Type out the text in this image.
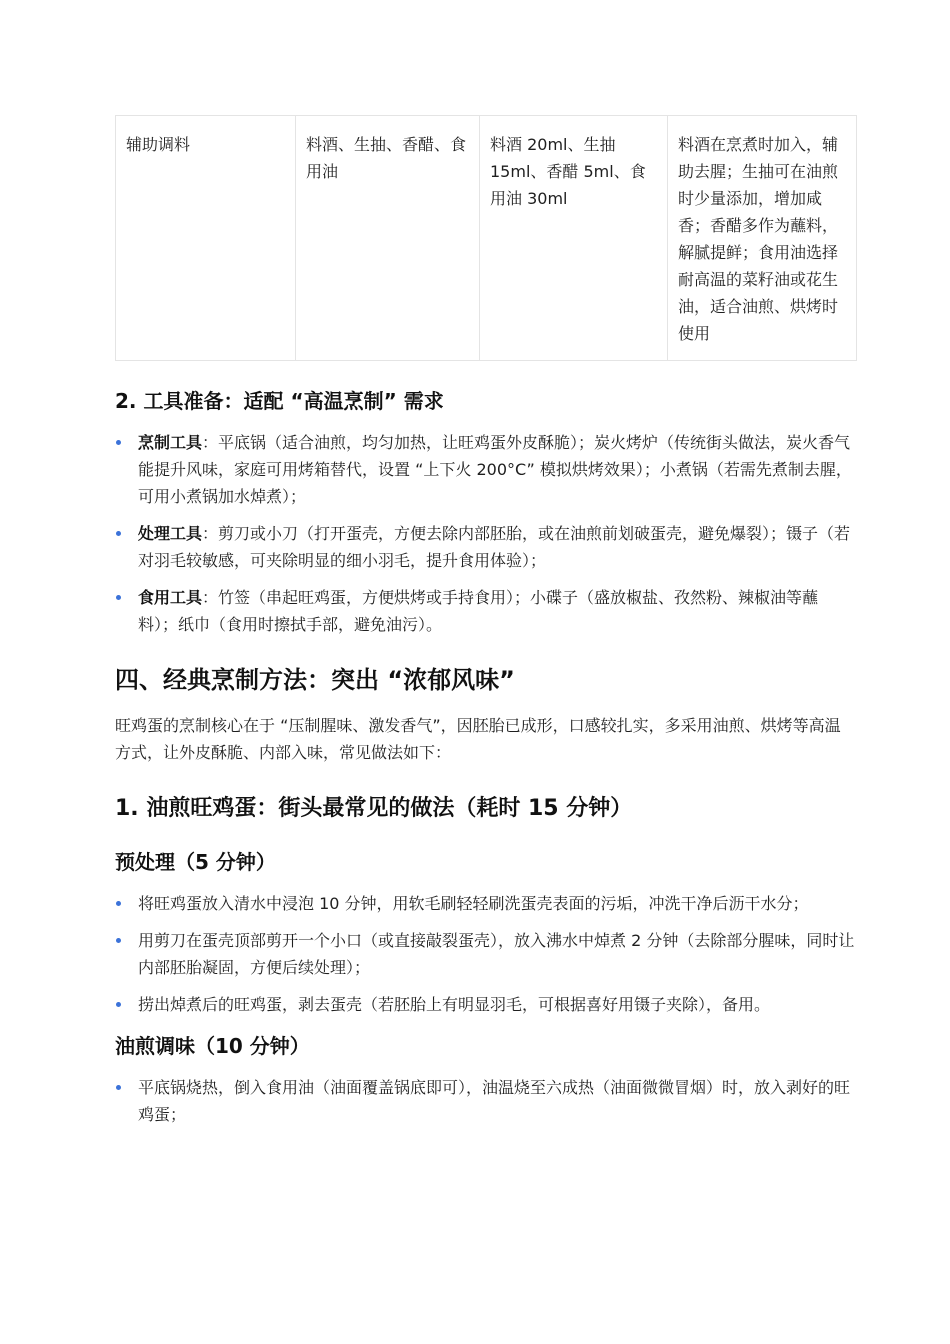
辅助调料	料酒、生抽、香醋、食用油	料酒 20ml、生抽 15ml、香醋 5ml、食用油 30ml	料酒在烹煮时加入，辅助去腥；生抽可在油煎时少量添加，增加咸香；香醋多作为蘸料，解腻提鲜；食用油选择耐高温的菜籽油或花生油，适合油煎、烘烤时使用
2. 工具准备：适配 “高温烹制” 需求
烹制工具：平底锅（适合油煎，均匀加热，让旺鸡蛋外皮酥脆）；炭火烤炉（传统街头做法，炭火香气能提升风味，家庭可用烤箱替代，设置 “上下火 200°C” 模拟烘烤效果）；小煮锅（若需先煮制去腥，可用小煮锅加水焯煮）；
处理工具：剪刀或小刀（打开蛋壳，方便去除内部胚胎，或在油煎前划破蛋壳，避免爆裂）；镊子（若对羽毛较敏感，可夹除明显的细小羽毛，提升食用体验）；
食用工具：竹签（串起旺鸡蛋，方便烘烤或手持食用）；小碟子（盛放椒盐、孜然粉、辣椒油等蘸料）；纸巾（食用时擦拭手部，避免油污）。
四、经典烹制方法：突出 “浓郁风味”

旺鸡蛋的烹制核心在于 “压制腥味、激发香气”，因胚胎已成形，口感较扎实，多采用油煎、烘烤等高温方式，让外皮酥脆、内部入味，常见做法如下：

1. 油煎旺鸡蛋：街头最常见的做法（耗时 15 分钟）
预处理（5 分钟）
将旺鸡蛋放入清水中浸泡 10 分钟，用软毛刷轻轻刷洗蛋壳表面的污垢，冲洗干净后沥干水分；
用剪刀在蛋壳顶部剪开一个小口（或直接敲裂蛋壳），放入沸水中焯煮 2 分钟（去除部分腥味，同时让内部胚胎凝固，方便后续处理）；
捞出焯煮后的旺鸡蛋，剥去蛋壳（若胚胎上有明显羽毛，可根据喜好用镊子夹除），备用。
油煎调味（10 分钟）
平底锅烧热，倒入食用油（油面覆盖锅底即可），油温烧至六成热（油面微微冒烟）时，放入剥好的旺鸡蛋；
